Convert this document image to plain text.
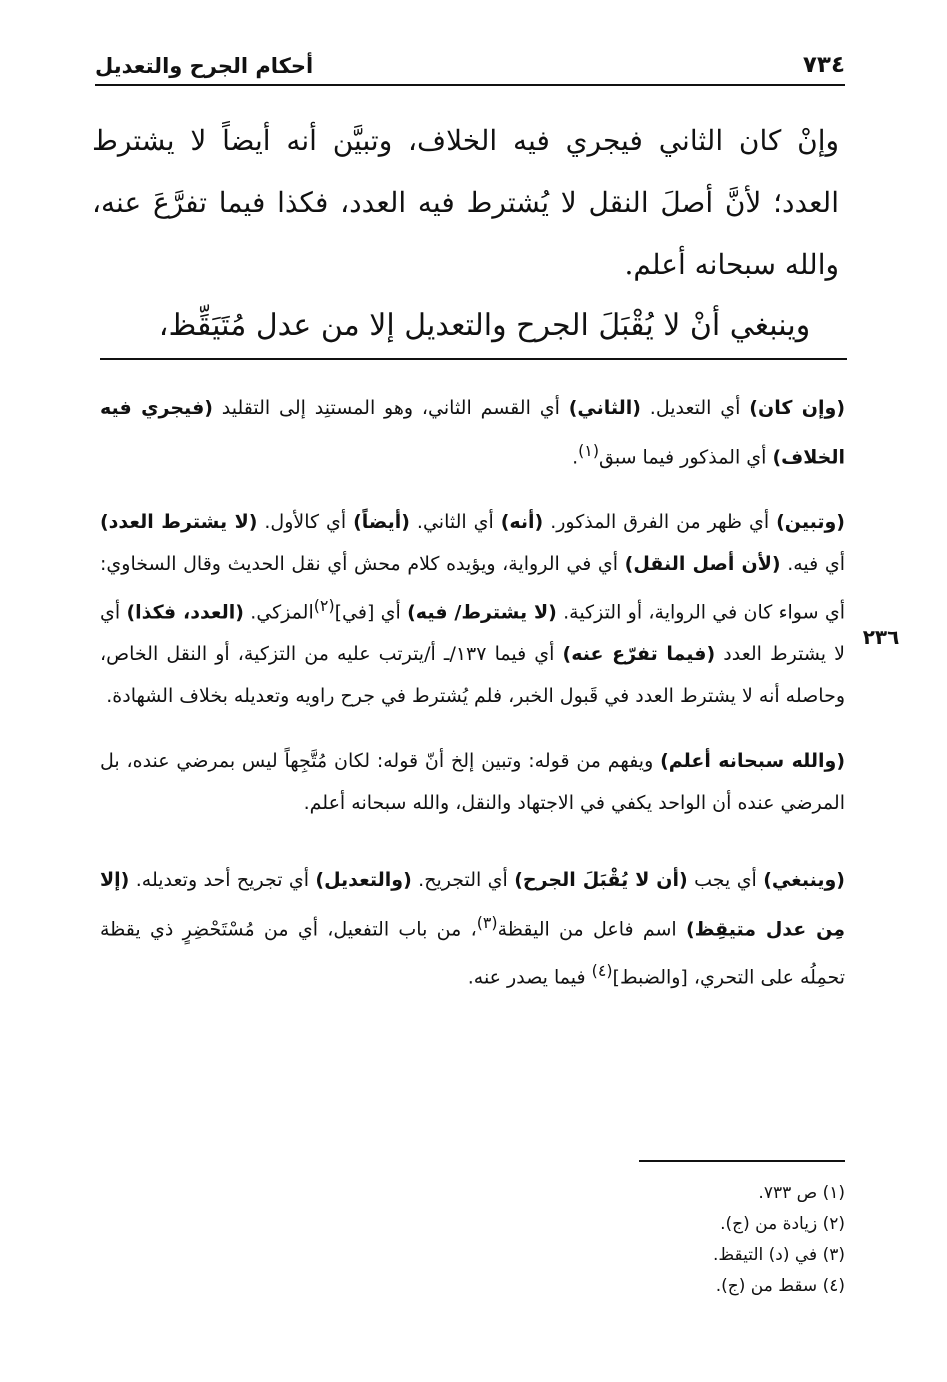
أحكام الجرح والتعديل	٧٣٤

وإنْ كان الثاني فيجري فيه الخلاف، وتبيَّن أنه أيضاً لا يشترط العدد؛ لأنَّ أصلَ النقل لا يُشترط فيه العدد، فكذا فيما تفرَّعَ عنه، والله سبحانه أعلم.

وينبغي أنْ لا يُقْبَلَ الجرح والتعديل إلا من عدل مُتَيَقِّظ،

(وإن كان) أي التعديل. (الثاني) أي القسم الثاني، وهو المستنِد إلى التقليد (فيجري فيه الخلاف) أي المذكور فيما سبق$^{(١)}$.

(وتبين) أي ظهر من الفرق المذكور. (أنه) أي الثاني. (أيضاً) أي كالأول. (لا يشترط العدد) أي فيه. (لأن أصل النقل) أي في الرواية، ويؤيده كلام محش أي نقل الحديث وقال السخاوي: أي سواء كان في الرواية، أو التزكية. (لا يشترط/ فيه) أي [في]$^{(٢)}$المزكي. (العدد، فكذا) أي لا يشترط العدد (فيما تفرّع عنه) أي فيما ١٣٧/ـ أ/يترتب عليه من التزكية، أو النقل الخاص، وحاصله أنه لا يشترط العدد في قَبول الخبر، فلم يُشترط في جرح راويه وتعديله بخلاف الشهادة.

(والله سبحانه أعلم) ويفهم من قوله: وتبين إلخ أنّ قوله: لكان مُتَّجِهاً ليس بمرضي عنده، بل المرضي عنده أن الواحد يكفي في الاجتهاد والنقل، والله سبحانه أعلم.

(وينبغي) أي يجب (أن لا يُقْبَلَ الجرح) أي التجريح. (والتعديل) أي تجريح أحد وتعديله. (إلا مِن عدل متيقِظ) اسم فاعل من اليقظة$^{(٣)}$، من باب التفعيل، أي من مُسْتَحْضِرٍ ذي يقظة تحمِلُه على التحري، [والضبط]$^{(٤)}$ فيما يصدر عنه.

٢٣٦
(١) ص ٧٣٣.
(٢) زيادة من (ج).
(٣) في (د) التيقظ.
(٤) سقط من (ج).
